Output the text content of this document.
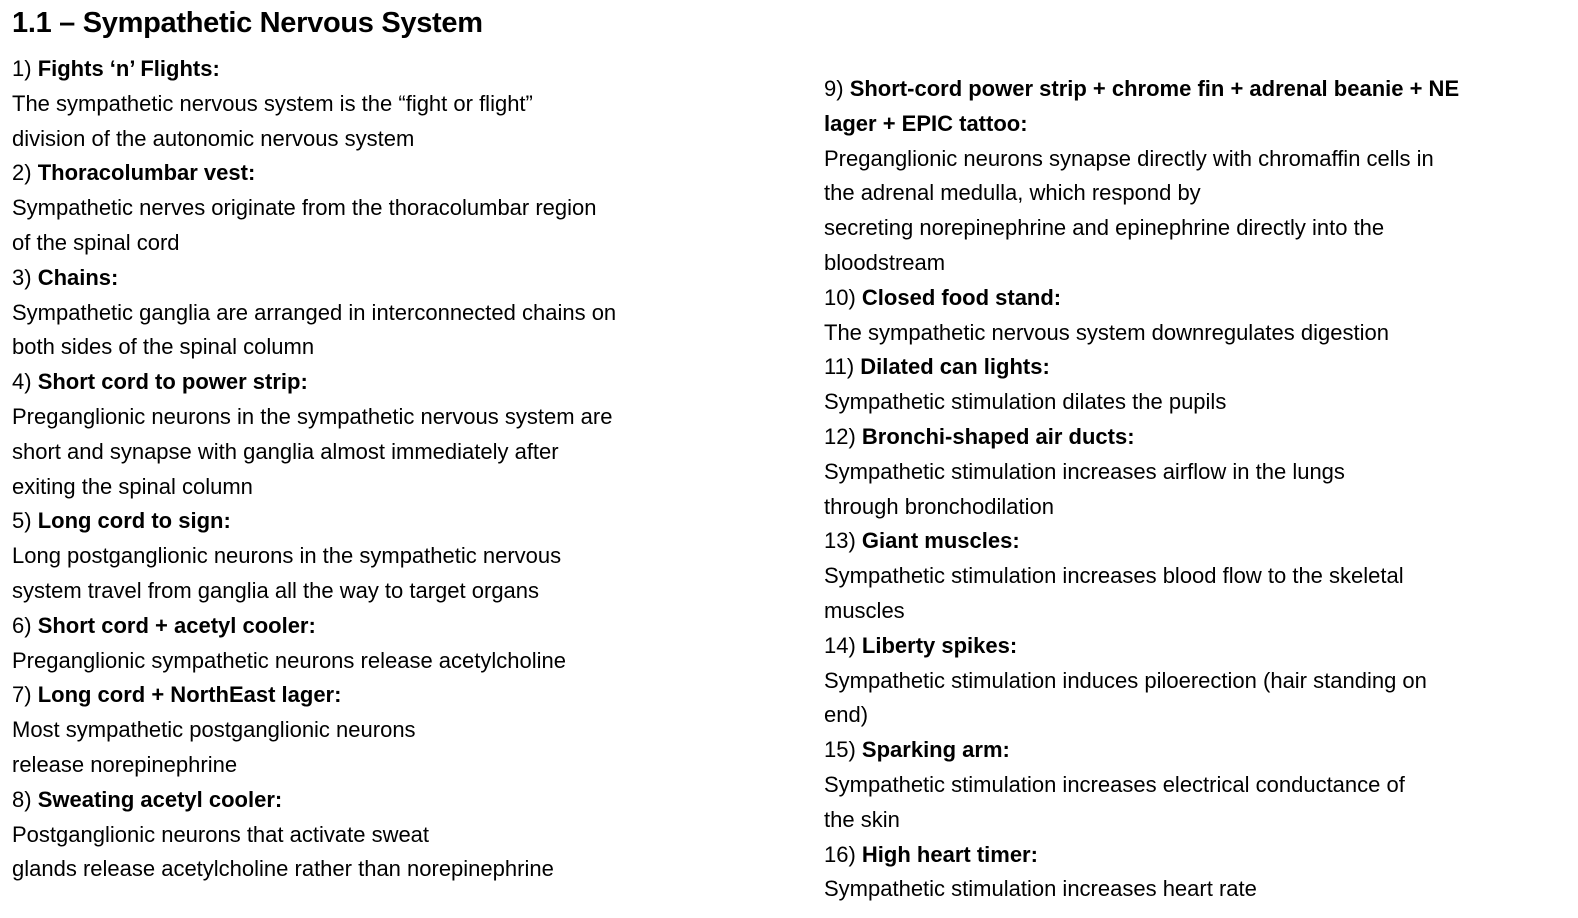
1.1 – Sympathetic Nervous System
1) Fights ‘n’ Flights:
The sympathetic nervous system is the “fight or flight”
division of the autonomic nervous system
2) Thoracolumbar vest:
Sympathetic nerves originate from the thoracolumbar region
of the spinal cord
3) Chains:
Sympathetic ganglia are arranged in interconnected chains on
both sides of the spinal column
4) Short cord to power strip:
Preganglionic neurons in the sympathetic nervous system are
short and synapse with ganglia almost immediately after
exiting the spinal column
5) Long cord to sign:
Long postganglionic neurons in the sympathetic nervous
system travel from ganglia all the way to target organs
6) Short cord + acetyl cooler:
Preganglionic sympathetic neurons release acetylcholine
7) Long cord + NorthEast lager:
Most sympathetic postganglionic neurons
release norepinephrine
8) Sweating acetyl cooler:
Postganglionic neurons that activate sweat
glands release acetylcholine rather than norepinephrine
9) Short-cord power strip + chrome fin + adrenal beanie + NE
lager + EPIC tattoo:
Preganglionic neurons synapse directly with chromaffin cells in
the adrenal medulla, which respond by
secreting norepinephrine and epinephrine directly into the
bloodstream
10) Closed food stand:
The sympathetic nervous system downregulates digestion
11) Dilated can lights:
Sympathetic stimulation dilates the pupils
12) Bronchi-shaped air ducts:
Sympathetic stimulation increases airflow in the lungs
through bronchodilation
13) Giant muscles:
Sympathetic stimulation increases blood flow to the skeletal
muscles
14) Liberty spikes:
Sympathetic stimulation induces piloerection (hair standing on
end)
15) Sparking arm:
Sympathetic stimulation increases electrical conductance of
the skin
16) High heart timer:
Sympathetic stimulation increases heart rate
